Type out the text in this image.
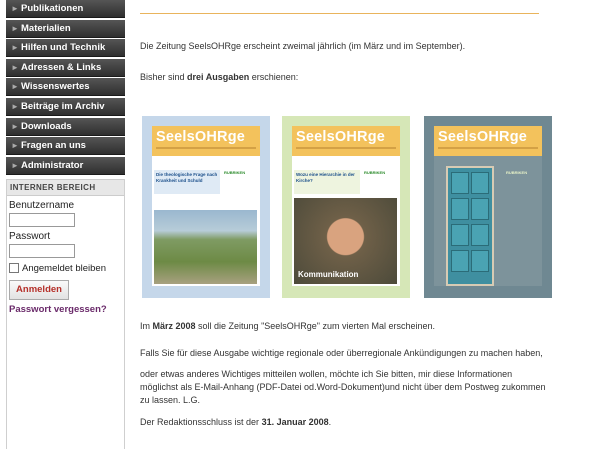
► Publikationen
► Materialien
► Hilfen und Technik
► Adressen & Links
► Wissenswertes
► Beiträge im Archiv
► Downloads
► Fragen an uns
► Administrator
INTERNER BEREICH
Benutzername
Passwort
Angemeldet bleiben
Anmelden
Passwort vergessen?
Die Zeitung SeelsOHRge erscheint zweimal jährlich (im März und im September).
Bisher sind drei Ausgaben erschienen:
SeelsOHRge
Die theologische Frage nach Krankheit und Schuld
RUBRIKEN
SeelsOHRge
Wozu eine Hierarchie in der Kirche?
RUBRIKEN
Kommunikation
SeelsOHRge
RUBRIKEN
Im März 2008 soll die Zeitung "SeelsOHRge" zum vierten Mal erscheinen.
Falls Sie für diese Ausgabe wichtige regionale oder überregionale Ankündigungen zu machen haben,
oder etwas anderes Wichtiges mitteilen wollen, möchte ich Sie bitten, mir diese Informationen
möglichst als E-Mail-Anhang (PDF-Datei od.Word-Dokument)und nicht über dem Postweg zukommen
zu lassen. L.G.
Der Redaktionsschluss ist der 31. Januar 2008.
